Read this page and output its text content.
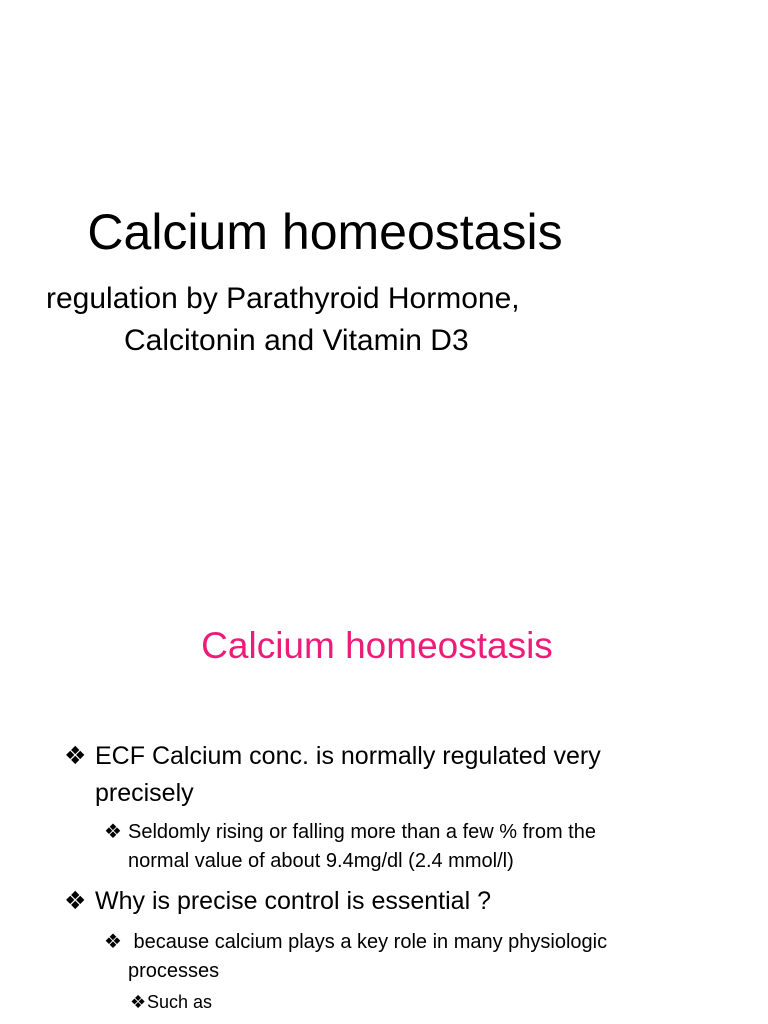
Calcium homeostasis
regulation by Parathyroid Hormone,
Calcitonin and Vitamin D3
Calcium homeostasis
❖ ECF Calcium conc. is normally regulated very
precisely
❖ Seldomly rising or falling more than a few % from the
normal value of about 9.4mg/dl (2.4 mmol/l)
❖ Why is precise control is essential ?
❖ because calcium plays a key role in many physiologic
processes
❖ Such as
